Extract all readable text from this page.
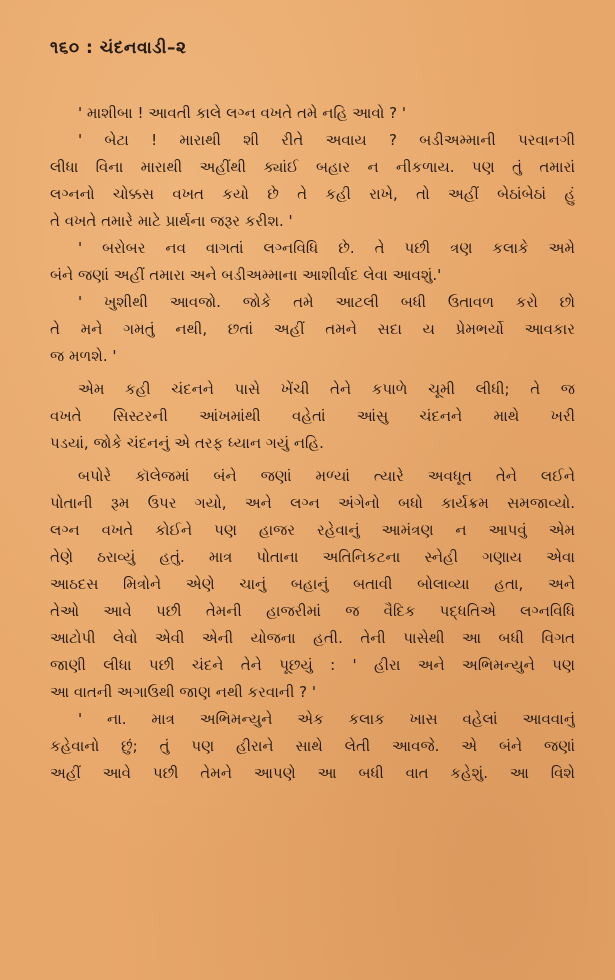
૧૬૦ : ચંદનવાડી–૨
' માશીબા ! આવતી કાલે લગ્ન વખતે તમે નહિ આવો ? '
' બેટા ! મારાથી શી રીતે અવાય ? બડીઅમ્માની પરવાનગી
લીધા વિના મારાથી અહીંથી ક્યાંઈ બહાર ન નીકળાય. પણ તું તમારાં
લગ્નનો ચોક્કસ વખત કયો છે તે કહી રાખે, તો અહીં બેઠાંબેઠાં હું
તે વખતે તમારે માટે પ્રાર્થના જરૂર કરીશ. '
' બરોબર નવ વાગતાં લગ્નવિધિ છે. તે પછી ત્રણ કલાકે અમે
બંને જણાં અહીં તમારા અને બડીઅમ્માના આશીર્વાદ લેવા આવશું.'
' ખુશીથી આવજો. જોકે તમે આટલી બધી ઉતાવળ કરો છો
તે મને ગમતું નથી, છતાં અહીં તમને સદા ય પ્રેમભર્યો આવકાર
જ મળશે. '
એમ કહી ચંદનને પાસે ખેંચી તેને કપાળે ચૂમી લીધી; તે જ
વખતે સિસ્ટરની આંખમાંથી વહેતાં આંસુ ચંદનને માથે ખરી
પડયાં, જોકે ચંદનનું એ તરફ ધ્યાન ગયું નહિ.
બપોરે કૉલેજમાં બંને જણાં મળ્યાં ત્યારે અવધૂત તેને લઈને
પોતાની રૂમ ઉપર ગયો, અને લગ્ન અંગેનો બધો કાર્યક્રમ સમજાવ્યો.
લગ્ન વખતે કોઈને પણ હાજર રહેવાનું આમંત્રણ ન આપવું એમ
તેણે ઠરાવ્યું હતું. માત્ર પોતાના અતિનિકટના સ્નેહી ગણાય એવા
આઠદસ મિત્રોને એણે ચાનું બહાનું બતાવી બોલાવ્યા હતા, અને
તેઓ આવે પછી તેમની હાજરીમાં જ વૈદિક પદ્ધતિએ લગ્નવિધિ
આટોપી લેવો એવી એની યોજના હતી. તેની પાસેથી આ બધી વિગત
જાણી લીધા પછી ચંદને તેને પૂછયું : ' હીરા અને અભિમન્યુને પણ
આ વાતની અગાઉથી જાણ નથી કરવાની ? '
' ના. માત્ર અભિમન્યુને એક કલાક ખાસ વહેલાં આવવાનું
કહેવાનો છું; તું પણ હીરાને સાથે લેતી આવજે. એ બંને જણાં
અહીં આવે પછી તેમને આપણે આ બધી વાત કહેશું. આ વિશે
